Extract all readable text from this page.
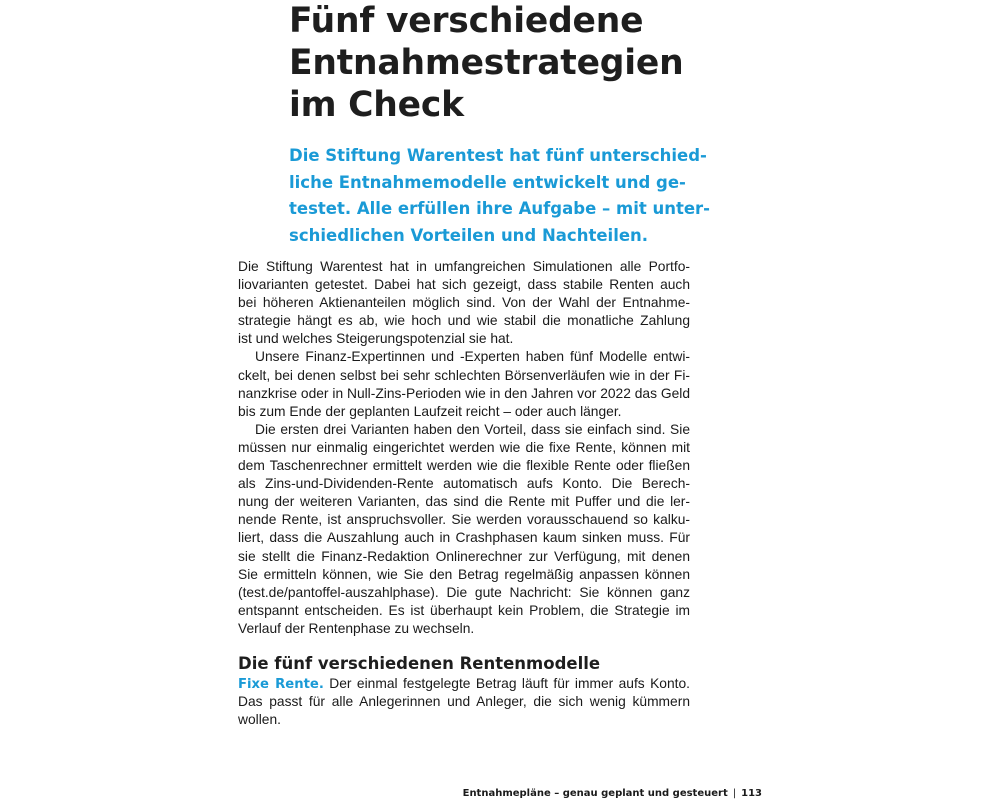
Fünf verschiedene
Entnahmestrategien
im Check

Die Stiftung Warentest hat fünf unterschied-
liche Entnahmemodelle entwickelt und ge-
testet. Alle erfüllen ihre Aufgabe – mit unter-
schiedlichen Vorteilen und Nachteilen.

Die Stiftung Warentest hat in umfangreichen Simulationen alle Portfo-
liovarianten getestet. Dabei hat sich gezeigt, dass stabile Renten auch
bei höheren Aktienanteilen möglich sind. Von der Wahl der Entnahme-
strategie hängt es ab, wie hoch und wie stabil die monatliche Zahlung
ist und welches Steigerungspotenzial sie hat.
Unsere Finanz-Expertinnen und -Experten haben fünf Modelle entwi-
ckelt, bei denen selbst bei sehr schlechten Börsenverläufen wie in der Fi-
nanzkrise oder in Null-Zins-Perioden wie in den Jahren vor 2022 das Geld
bis zum Ende der geplanten Laufzeit reicht – oder auch länger.
Die ersten drei Varianten haben den Vorteil, dass sie einfach sind. Sie
müssen nur einmalig eingerichtet werden wie die fixe Rente, können mit
dem Taschenrechner ermittelt werden wie die flexible Rente oder fließen
als Zins-und-Dividenden-Rente automatisch aufs Konto. Die Berech-
nung der weiteren Varianten, das sind die Rente mit Puffer und die ler-
nende Rente, ist anspruchsvoller. Sie werden vorausschauend so kalku-
liert, dass die Auszahlung auch in Crashphasen kaum sinken muss. Für
sie stellt die Finanz-Redaktion Onlinerechner zur Verfügung, mit denen
Sie ermitteln können, wie Sie den Betrag regelmäßig anpassen können
(test.de/pantoffel-auszahlphase). Die gute Nachricht: Sie können ganz
entspannt entscheiden. Es ist überhaupt kein Problem, die Strategie im
Verlauf der Rentenphase zu wechseln.
Die fünf verschiedenen Rentenmodelle
Fixe Rente. Der einmal festgelegte Betrag läuft für immer aufs Konto.
Das passt für alle Anlegerinnen und Anleger, die sich wenig kümmern
wollen.
Entnahmepläne – genau geplant und gesteuert | 113
